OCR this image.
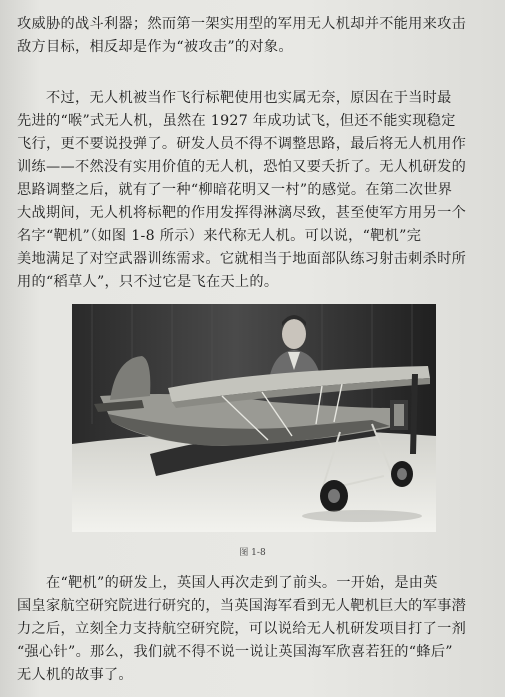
攻威胁的战斗利器；然而第一架实用型的军用无人机却并不能用来攻击
敌方目标，相反却是作为“被攻击”的对象。
不过，无人机被当作飞行标靶使用也实属无奈，原因在于当时最
先进的“喉”式无人机，虽然在 1927 年成功试飞，但还不能实现稳定
飞行，更不要说投弹了。研发人员不得不调整思路，最后将无人机用作
训练——不然没有实用价值的无人机，恐怕又要夭折了。无人机研发的
思路调整之后，就有了一种“柳暗花明又一村”的感觉。在第二次世界
大战期间，无人机将标靶的作用发挥得淋漓尽致，甚至使军方用另一个
名字“靶机”（如图 1-8 所示）来代称无人机。可以说，“靶机”完
美地满足了对空武器训练需求。它就相当于地面部队练习射击刺杀时所
用的“稻草人”，只不过它是飞在天上的。
图 1-8
在“靶机”的研发上，英国人再次走到了前头。一开始，是由英
国皇家航空研究院进行研究的，当英国海军看到无人靶机巨大的军事潜
力之后，立刻全力支持航空研究院，可以说给无人机研发项目打了一剂
“强心针”。那么，我们就不得不说一说让英国海军欣喜若狂的“蜂后”
无人机的故事了。
